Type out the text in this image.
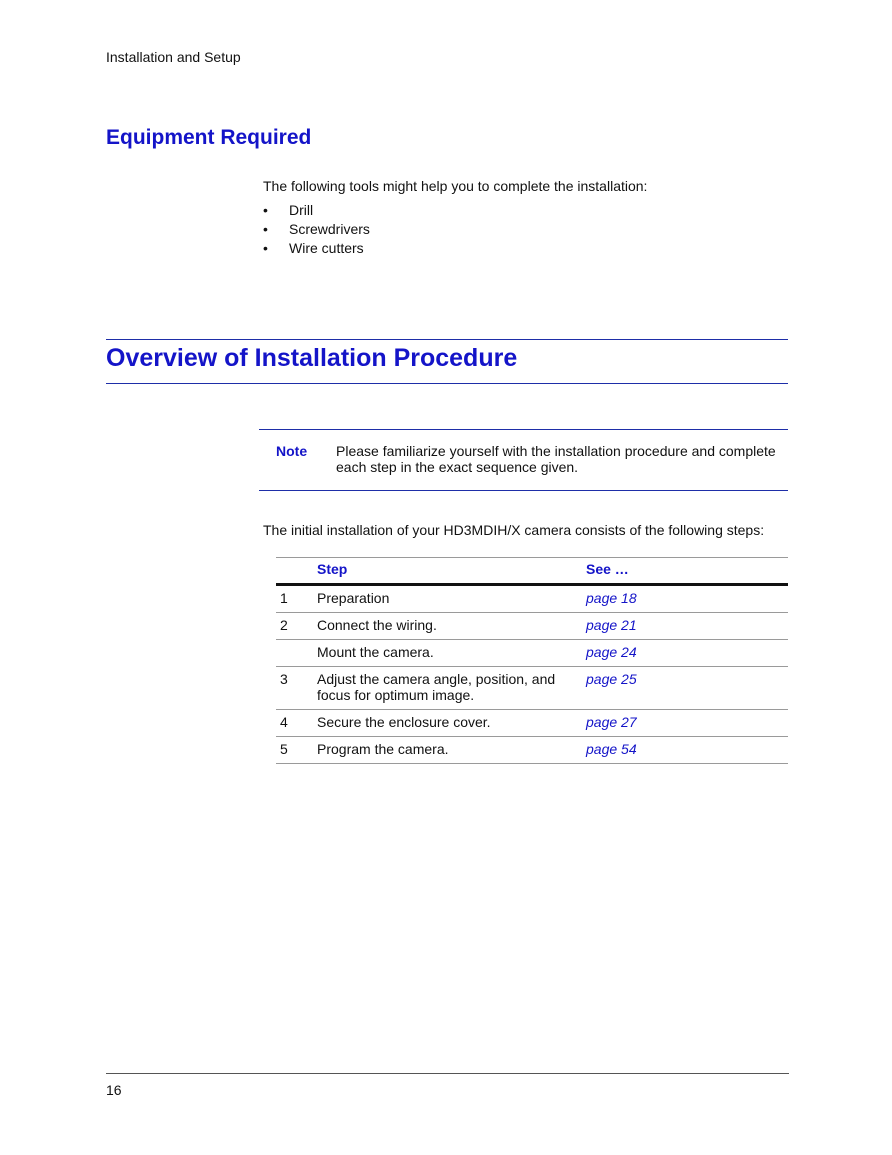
Installation and Setup
Equipment Required
The following tools might help you to complete the installation:
• Drill
• Screwdrivers
• Wire cutters
Overview of Installation Procedure
Note Please familiarize yourself with the installation procedure and complete each step in the exact sequence given.
The initial installation of your HD3MDIH/X camera consists of the following steps:
	Step	See …
1	Preparation	page 18
2	Connect the wiring.	page 21
	Mount the camera.	page 24
3	Adjust the camera angle, position, and focus for optimum image.	page 25
4	Secure the enclosure cover.	page 27
5	Program the camera.	page 54
16
